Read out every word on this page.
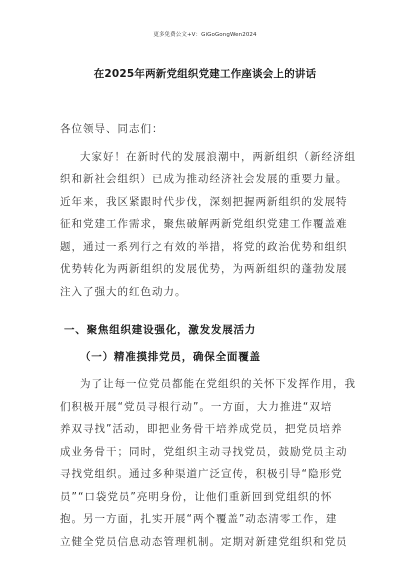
更多免费公文+V：GiGoGongWen2024
在2025年两新党组织党建工作座谈会上的讲话
各位领导、同志们：
大家好！在新时代的发展浪潮中，两新组织（新经济组
织和新社会组织）已成为推动经济社会发展的重要力量。
近年来，我区紧跟时代步伐，深刻把握两新组织的发展特
征和党建工作需求，聚焦破解两新党组织党建工作覆盖难
题，通过一系列行之有效的举措，将党的政治优势和组织
优势转化为两新组织的发展优势，为两新组织的蓬勃发展
注入了强大的红色动力。
一、聚焦组织建设强化，激发发展活力
（一）精准摸排党员，确保全面覆盖
为了让每一位党员都能在党组织的关怀下发挥作用，我
们积极开展“党员寻根行动”。一方面，大力推进“双培
养双寻找”活动，即把业务骨干培养成党员，把党员培养
成业务骨干；同时，党组织主动寻找党员，鼓励党员主动
寻找党组织。通过多种渠道广泛宣传，积极引导“隐形党
员”“口袋党员”亮明身份，让他们重新回到党组织的怀
抱。另一方面，扎实开展“两个覆盖”动态清零工作，建
立健全党员信息动态管理机制。定期对新建党组织和党员
